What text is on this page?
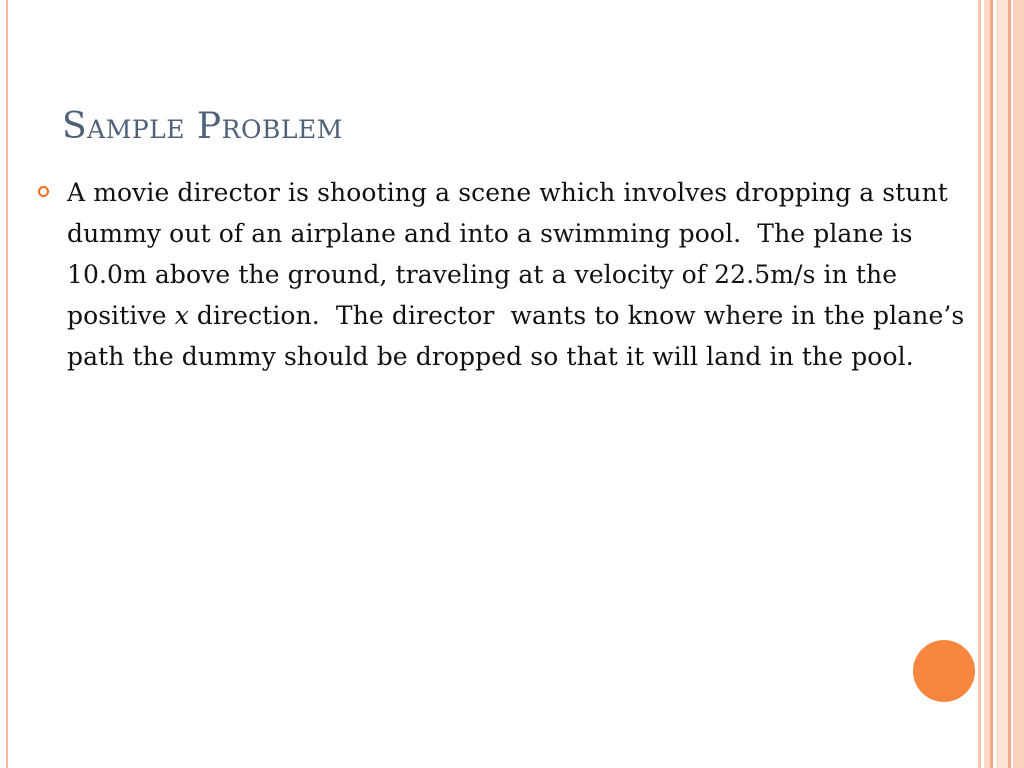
Sample Problem
A movie director is shooting a scene which involves dropping a stunt dummy out of an airplane and into a swimming pool.  The plane is 10.0m above the ground, traveling at a velocity of 22.5m/s in the positive x direction.  The director  wants to know where in the plane’s path the dummy should be dropped so that it will land in the pool.
